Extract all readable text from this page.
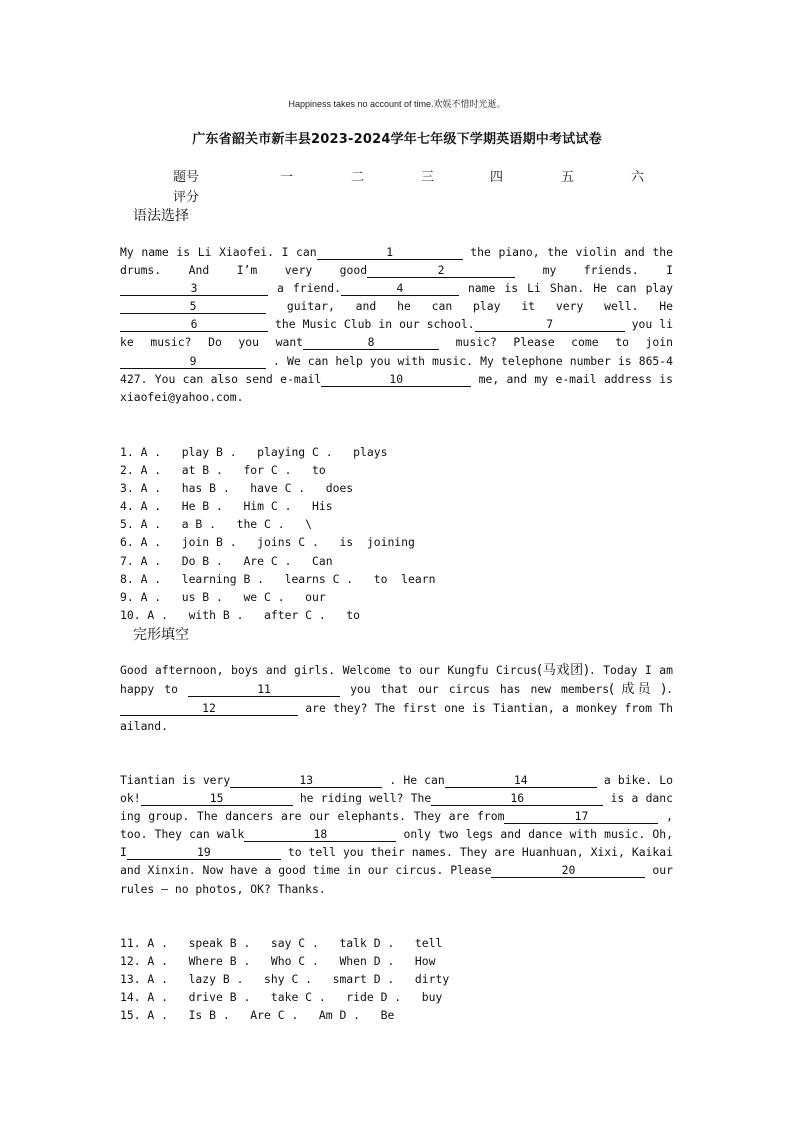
Happiness takes no account of time.欢娱不惜时光逝。
广东省韶关市新丰县2023-2024学年七年级下学期英语期中考试试卷
题号	一	二	三	四	五	六
评分
语法选择
My name is Li Xiaofei. I can	1	the piano, the violin and the drums. And I’m very good	2	my friends. I3	a friend.	4	name is Li Shan. He can play5	guitar, and he can play it very well. He6	the Music Club in our school.	7	you like music? Do you want	8	music? Please come to join9	. We can help you with music. My telephone number is 865-4427. You can also send e-mail	10	me, and my e-mail address is xiaofei@yahoo.com.
1. A .   play B .   playing C .   plays
2. A .   at B .   for C .   to
3. A .   has B .   have C .   does
4. A .   He B .   Him C .   His
5. A .   a B .   the C .   \
6. A .   join B .   joins C .   is  joining
7. A .   Do B .   Are C .   Can
8. A .   learning B .   learns C .   to  learn
9. A .   us B .   we C .   our
10. A .   with B .   after C .   to
完形填空
Good afternoon, boys and girls. Welcome to our Kungfu Circus(马戏团). Today I am happy to	11	you that our circus has new members( 成员 ).12	are they? The first one is Tiantian, a monkey from Thailand.
Tiantian is very	13	. He can	14	a bike. Look!	15	he riding well? The	16	is a dancing group. The dancers are our elephants. They are from	17	, too. They can walk	18	only two legs and dance with music. Oh, I	19	to tell you their names. They are Huanhuan, Xixi, Kaikai and Xinxin. Now have a good time in our circus. Please	20	our rules — no photos, OK? Thanks.
11. A .   speak B .   say C .   talk D .   tell
12. A .   Where B .   Who C .   When D .   How
13. A .   lazy B .   shy C .   smart D .   dirty
14. A .   drive B .   take C .   ride D .   buy
15. A .   Is B .   Are C .   Am D .   Be
